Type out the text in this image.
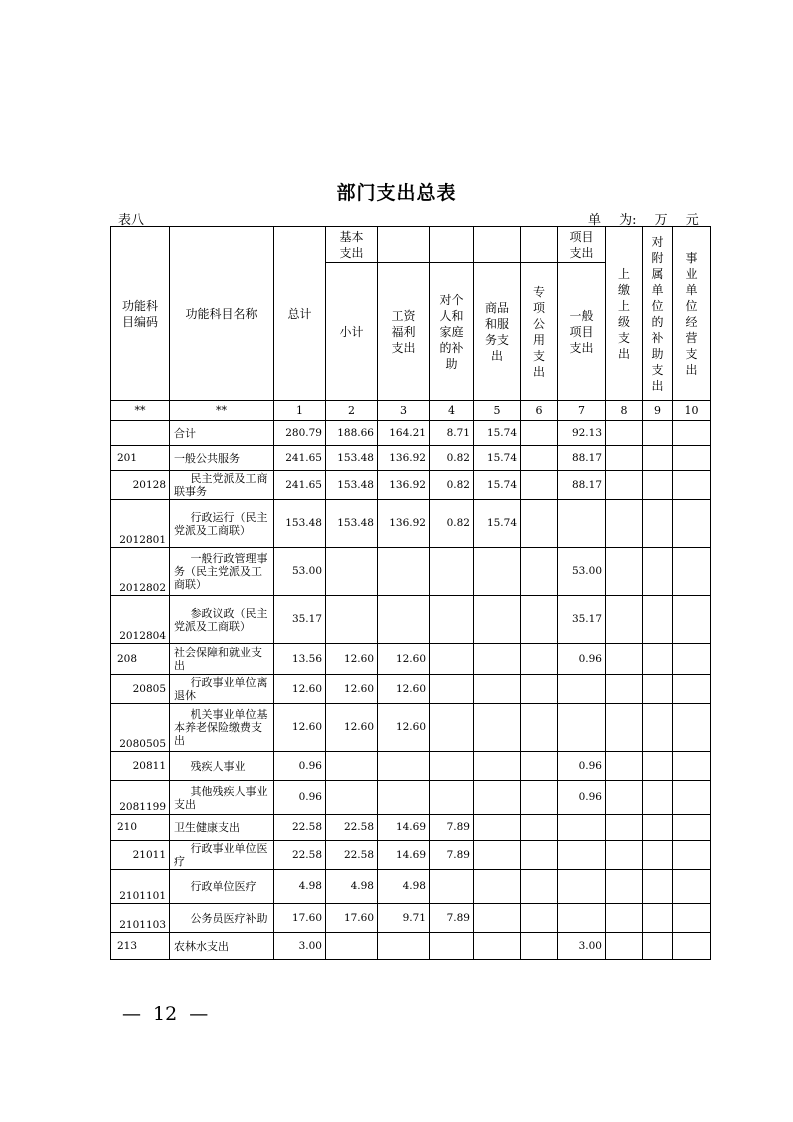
部门支出总表
表八	单 为: 万 元
功能科目编码	功能科目名称	总计	基本支出					项目支出	上缴上级支出	对附属单位的补助支出	事业单位经营支出

			小计	工资福利支出	对个人和家庭的补助	商品和服务支出	专项公用支出	一般项目支出			

**	**	1	2	3	4	5	6	7	8	9	10
	合计	280.79	188.66	164.21	8.71	15.74		92.13			
201	一般公共服务	241.65	153.48	136.92	0.82	15.74		88.17			
20128	民主党派及工商联事务	241.65	153.48	136.92	0.82	15.74		88.17			
2012801	行政运行（民主党派及工商联）	153.48	153.48	136.92	0.82	15.74					
2012802	一般行政管理事务（民主党派及工商联）	53.00						53.00			
2012804	参政议政（民主党派及工商联）	35.17						35.17			
208	社会保障和就业支出	13.56	12.60	12.60				0.96			
20805	行政事业单位离退休	12.60	12.60	12.60							
2080505	机关事业单位基本养老保险缴费支出	12.60	12.60	12.60							
20811	残疾人事业	0.96						0.96			
2081199	其他残疾人事业支出	0.96						0.96			
210	卫生健康支出	22.58	22.58	14.69	7.89						
21011	行政事业单位医疗	22.58	22.58	14.69	7.89						
2101101	行政单位医疗	4.98	4.98	4.98							
2101103	公务员医疗补助	17.60	17.60	9.71	7.89						
213	农林水支出	3.00						3.00			
— 12 —
